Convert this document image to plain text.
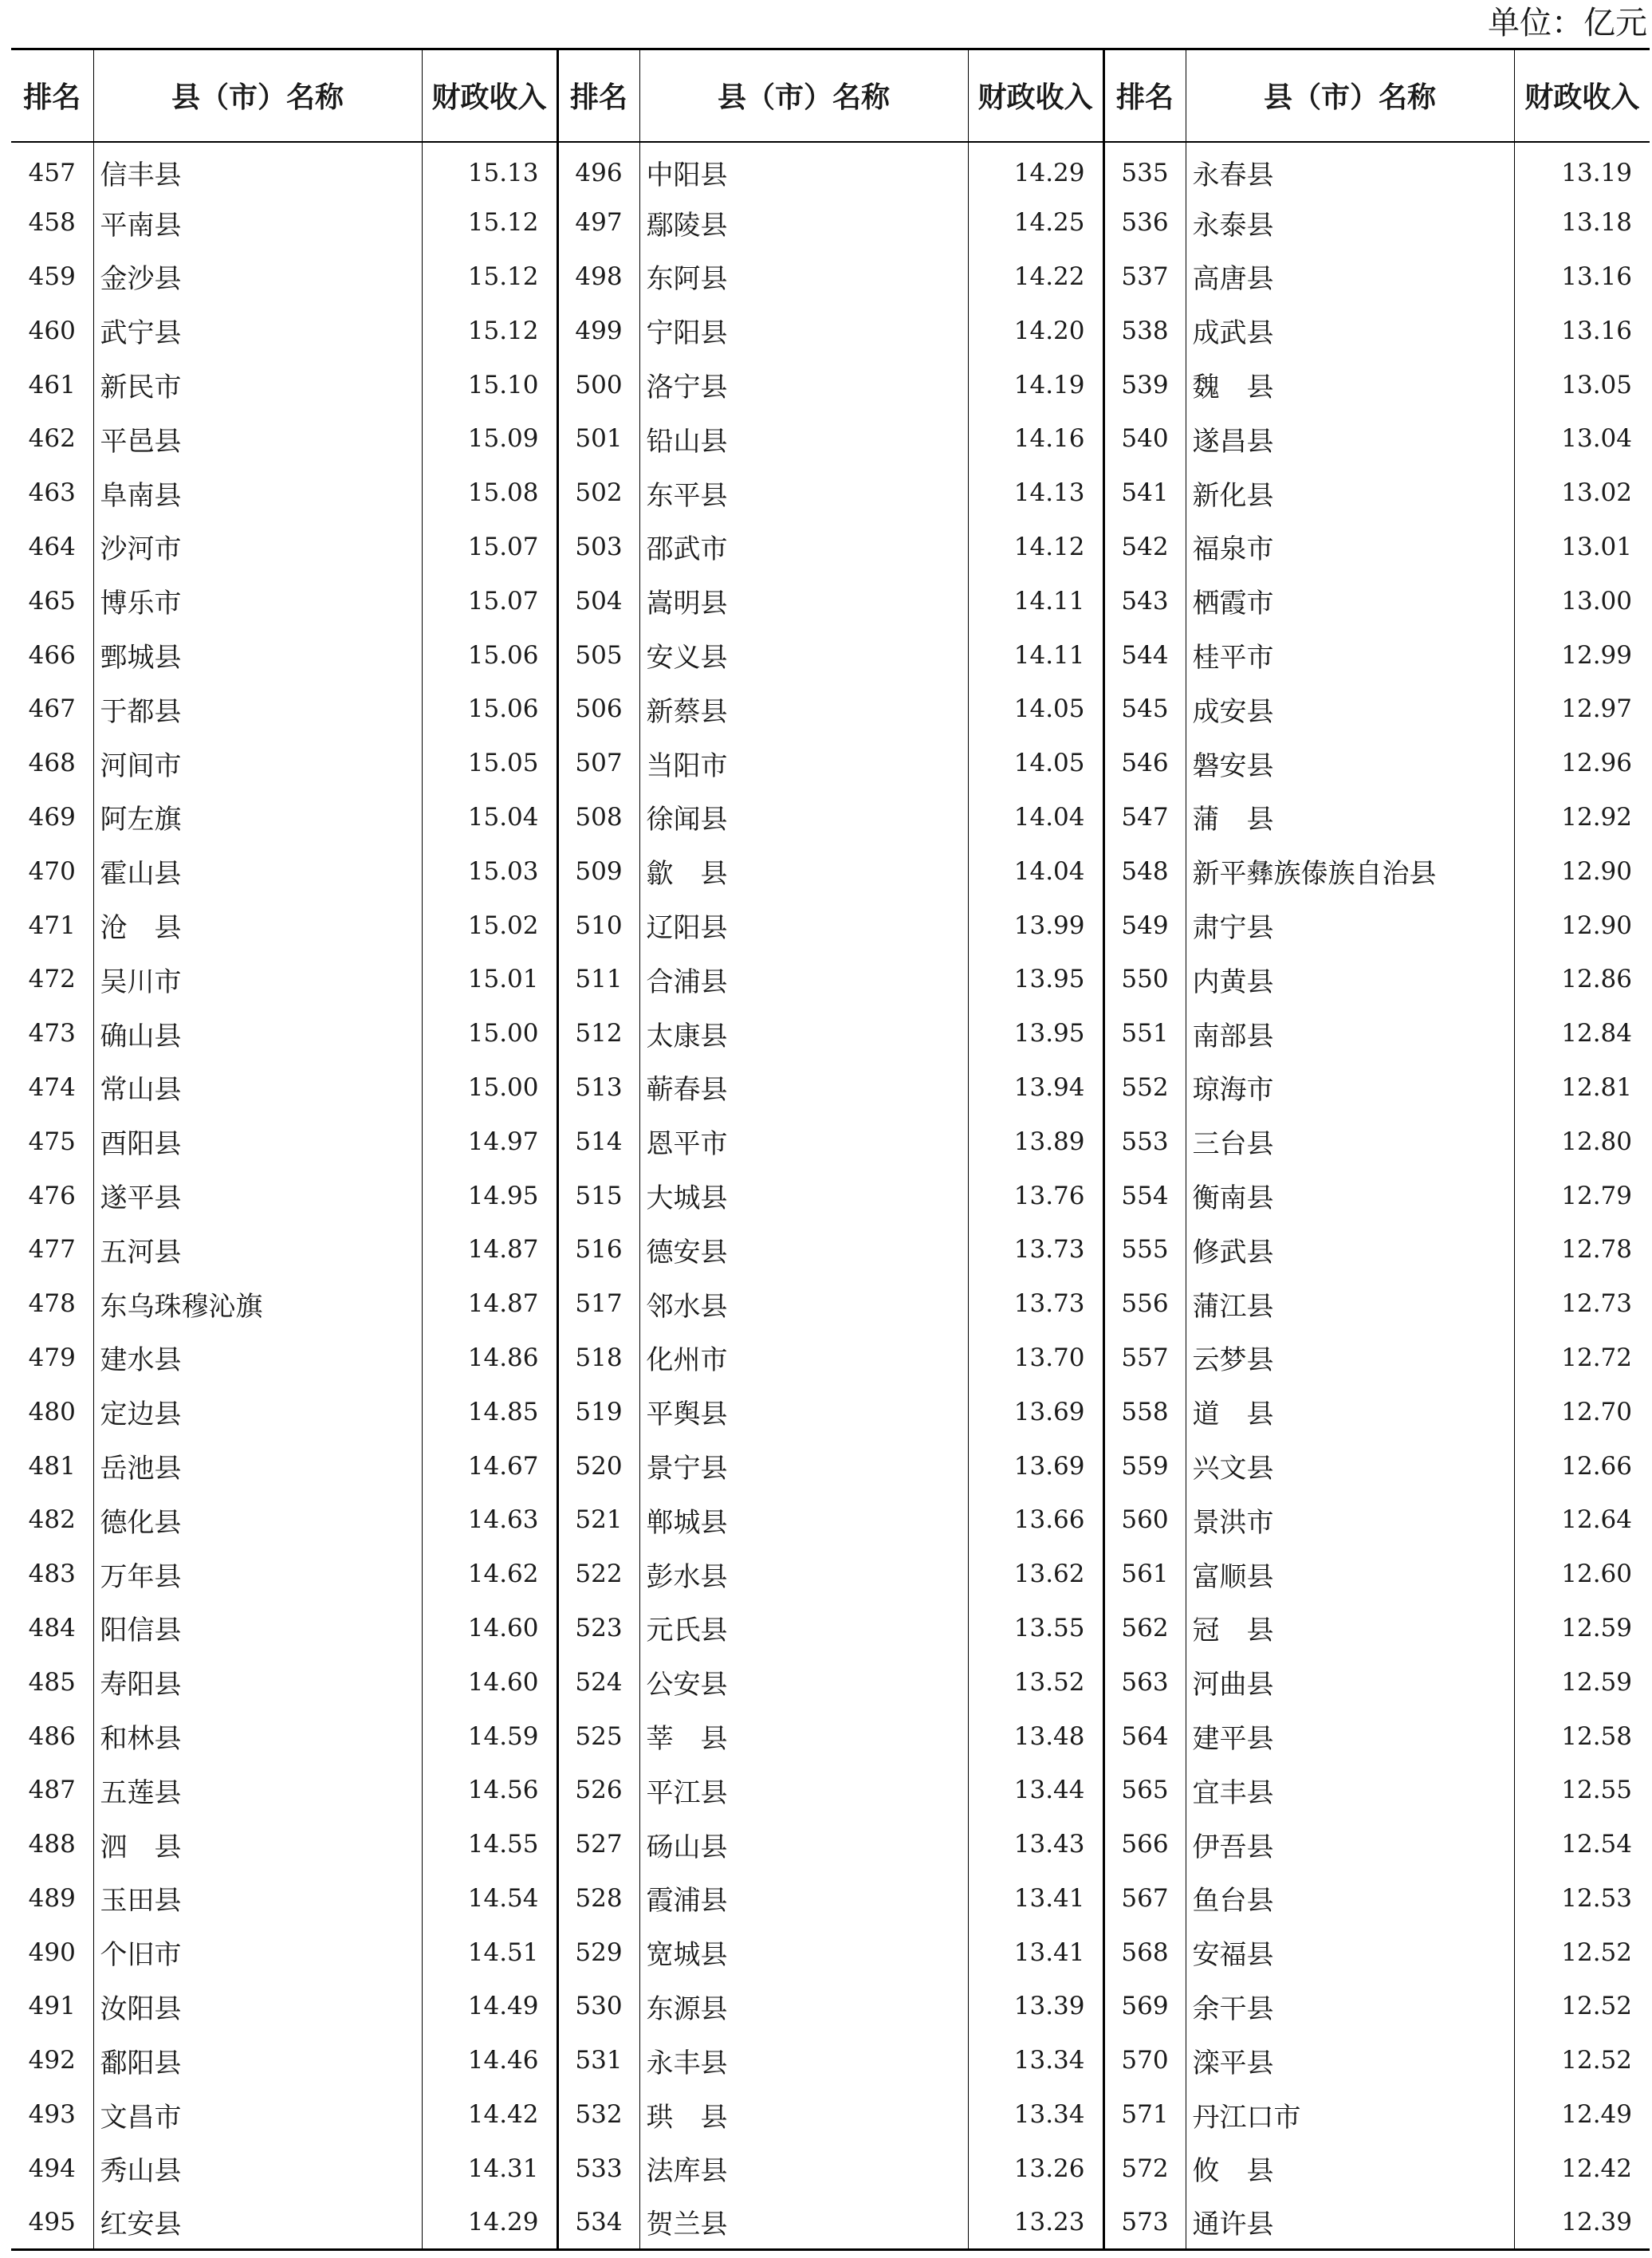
单位：亿元
排名	县（市）名称	财政收入	排名	县（市）名称	财政收入	排名	县（市）名称	财政收入
457	信丰县	15.13	496	中阳县	14.29	535	永春县	13.19
458	平南县	15.12	497	鄢陵县	14.25	536	永泰县	13.18
459	金沙县	15.12	498	东阿县	14.22	537	高唐县	13.16
460	武宁县	15.12	499	宁阳县	14.20	538	成武县	13.16
461	新民市	15.10	500	洛宁县	14.19	539	魏　县	13.05
462	平邑县	15.09	501	铅山县	14.16	540	遂昌县	13.04
463	阜南县	15.08	502	东平县	14.13	541	新化县	13.02
464	沙河市	15.07	503	邵武市	14.12	542	福泉市	13.01
465	博乐市	15.07	504	嵩明县	14.11	543	栖霞市	13.00
466	鄄城县	15.06	505	安义县	14.11	544	桂平市	12.99
467	于都县	15.06	506	新蔡县	14.05	545	成安县	12.97
468	河间市	15.05	507	当阳市	14.05	546	磐安县	12.96
469	阿左旗	15.04	508	徐闻县	14.04	547	蒲　县	12.92
470	霍山县	15.03	509	歙　县	14.04	548	新平彝族傣族自治县	12.90
471	沧　县	15.02	510	辽阳县	13.99	549	肃宁县	12.90
472	吴川市	15.01	511	合浦县	13.95	550	内黄县	12.86
473	确山县	15.00	512	太康县	13.95	551	南部县	12.84
474	常山县	15.00	513	蕲春县	13.94	552	琼海市	12.81
475	酉阳县	14.97	514	恩平市	13.89	553	三台县	12.80
476	遂平县	14.95	515	大城县	13.76	554	衡南县	12.79
477	五河县	14.87	516	德安县	13.73	555	修武县	12.78
478	东乌珠穆沁旗	14.87	517	邻水县	13.73	556	蒲江县	12.73
479	建水县	14.86	518	化州市	13.70	557	云梦县	12.72
480	定边县	14.85	519	平舆县	13.69	558	道　县	12.70
481	岳池县	14.67	520	景宁县	13.69	559	兴文县	12.66
482	德化县	14.63	521	郸城县	13.66	560	景洪市	12.64
483	万年县	14.62	522	彭水县	13.62	561	富顺县	12.60
484	阳信县	14.60	523	元氏县	13.55	562	冠　县	12.59
485	寿阳县	14.60	524	公安县	13.52	563	河曲县	12.59
486	和林县	14.59	525	莘　县	13.48	564	建平县	12.58
487	五莲县	14.56	526	平江县	13.44	565	宜丰县	12.55
488	泗　县	14.55	527	砀山县	13.43	566	伊吾县	12.54
489	玉田县	14.54	528	霞浦县	13.41	567	鱼台县	12.53
490	个旧市	14.51	529	宽城县	13.41	568	安福县	12.52
491	汝阳县	14.49	530	东源县	13.39	569	余干县	12.52
492	鄱阳县	14.46	531	永丰县	13.34	570	滦平县	12.52
493	文昌市	14.42	532	珙　县	13.34	571	丹江口市	12.49
494	秀山县	14.31	533	法库县	13.26	572	攸　县	12.42
495	红安县	14.29	534	贺兰县	13.23	573	通许县	12.39
